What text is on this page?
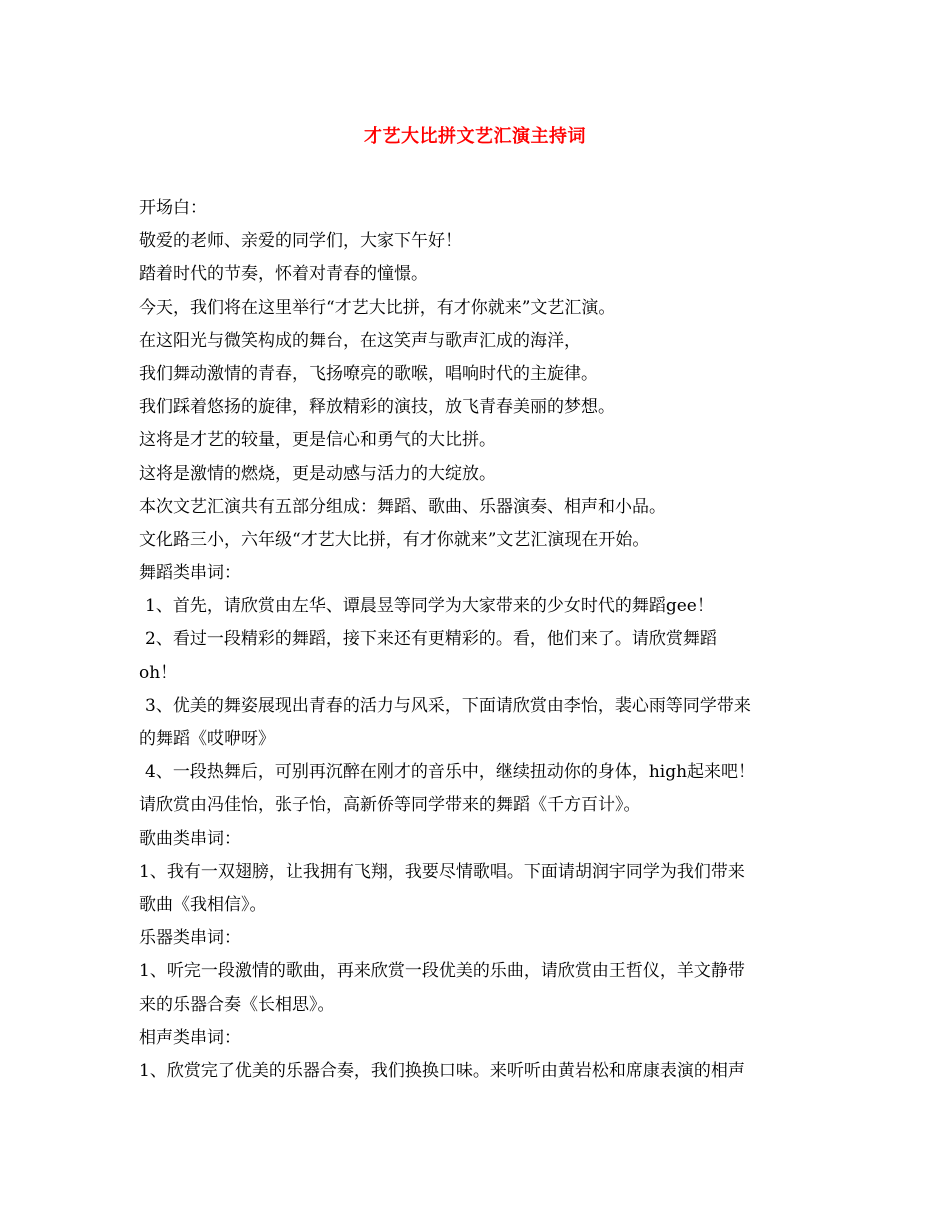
才艺大比拼文艺汇演主持词
开场白：
敬爱的老师、亲爱的同学们，大家下午好！
踏着时代的节奏，怀着对青春的憧憬。
今天，我们将在这里举行“才艺大比拼，有才你就来”文艺汇演。
在这阳光与微笑构成的舞台，在这笑声与歌声汇成的海洋，
我们舞动激情的青春，飞扬嘹亮的歌喉，唱响时代的主旋律。
我们踩着悠扬的旋律，释放精彩的演技，放飞青春美丽的梦想。
这将是才艺的较量，更是信心和勇气的大比拼。
这将是激情的燃烧，更是动感与活力的大绽放。
本次文艺汇演共有五部分组成：舞蹈、歌曲、乐器演奏、相声和小品。
文化路三小，六年级“才艺大比拼，有才你就来”文艺汇演现在开始。
舞蹈类串词：
1、首先，请欣赏由左华、谭晨昱等同学为大家带来的少女时代的舞蹈gee！
2、看过一段精彩的舞蹈，接下来还有更精彩的。看，他们来了。请欣赏舞蹈
oh！
3、优美的舞姿展现出青春的活力与风采，下面请欣赏由李怡，裴心雨等同学带来
的舞蹈《哎咿呀》
4、一段热舞后，可别再沉醉在刚才的音乐中，继续扭动你的身体，high起来吧！
请欣赏由冯佳怡，张子怡，高新侨等同学带来的舞蹈《千方百计》。
歌曲类串词：
1、我有一双翅膀，让我拥有飞翔，我要尽情歌唱。下面请胡润宇同学为我们带来
歌曲《我相信》。
乐器类串词：
1、听完一段激情的歌曲，再来欣赏一段优美的乐曲，请欣赏由王哲仪，羊文静带
来的乐器合奏《长相思》。
相声类串词：
1、欣赏完了优美的乐器合奏，我们换换口味。来听听由黄岩松和席康表演的相声
